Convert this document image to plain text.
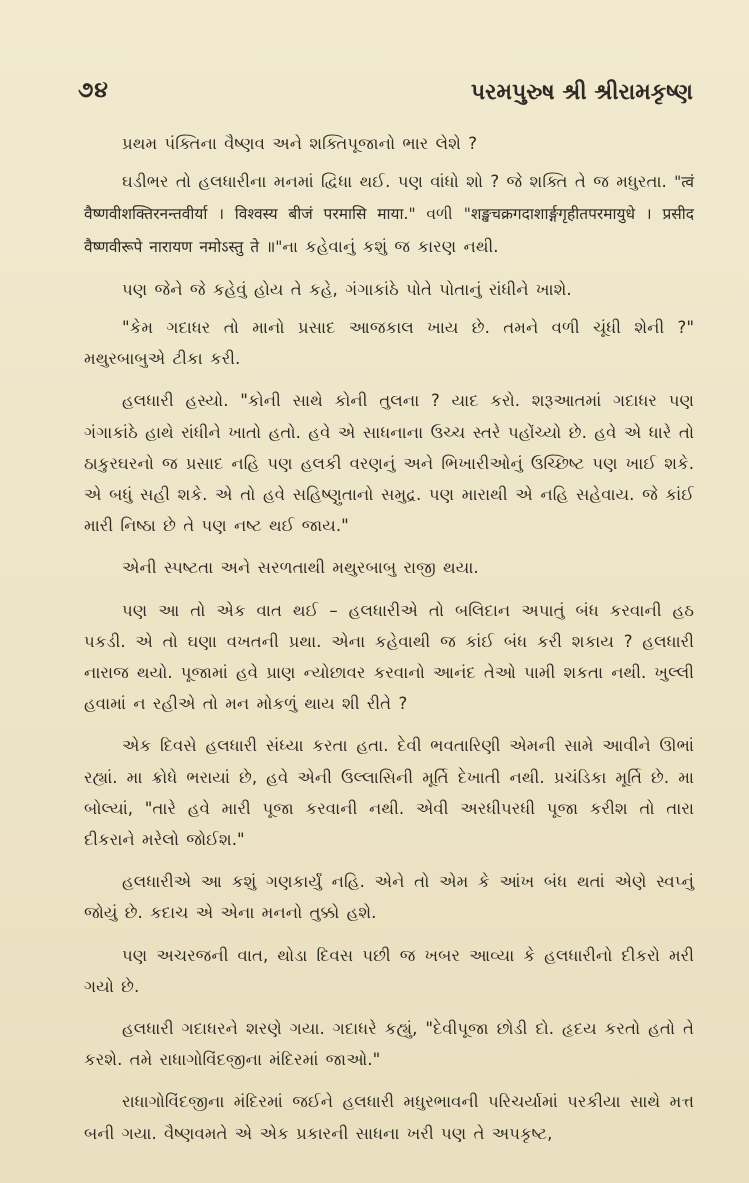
૭૪	પરમપુરુષ શ્રી શ્રીરામકૃષ્ણ

પ્રથમ પંક્તિના વૈષ્ણવ અને શક્તિપૂજાનો ભાર લેશે ?

ઘડીભર તો હલધારીના મનમાં દ્વિધા થઈ. પણ વાંધો શો ? જે શક્તિ તે જ મધુરતા. "त्वं वैष्णवीशक्तिरनन्तवीर्या । विश्वस्य बीजं परमासि माया." વળી "शङ्खचक्रगदाशार्ङ्गगृहीतपरमायुधे । प्रसीद वैष्णवीरूपे नारायण नमोऽस्तु ते ॥"ના કહેવાનું કશું જ કારણ નથી.

પણ જેને જે કહેવું હોય તે કહે, ગંગાકાંઠે પોતે પોતાનું રાંધીને ખાશે.

"કેમ ગદાધર તો માનો પ્રસાદ આજકાલ ખાય છે. તમને વળી ચૂંધી શેની ?" મથુરબાબુએ ટીકા કરી.

હલધારી હસ્યો. "કોની સાથે કોની તુલના ? યાદ કરો. શરૂઆતમાં ગદાધર પણ ગંગાકાંઠે હાથે રાંધીને ખાતો હતો. હવે એ સાધનાના ઉચ્ચ સ્તરે પહોંચ્યો છે. હવે એ ધારે તો ઠાકુરઘરનો જ પ્રસાદ નહિ પણ હલકી વરણનું અને ભિખારીઓનું ઉચ્છિષ્ટ પણ ખાઈ શકે. એ બધું સહી શકે. એ તો હવે સહિષ્ણુતાનો સમુદ્ર. પણ મારાથી એ નહિ સહેવાય. જે કાંઈ મારી નિષ્ઠા છે તે પણ નષ્ટ થઈ જાય."

એની સ્પષ્ટતા અને સરળતાથી મથુરબાબુ રાજી થયા.

પણ આ તો એક વાત થઈ – હલધારીએ તો બલિદાન અપાતું બંધ કરવાની હઠ પકડી. એ તો ઘણા વખતની પ્રથા. એના કહેવાથી જ કાંઈ બંધ કરી શકાય ? હલધારી નારાજ થયો. પૂજામાં હવે પ્રાણ ન્યોછાવર કરવાનો આનંદ તેઓ પામી શકતા નથી. ખુલ્લી હવામાં ન રહીએ તો મન મોકળું થાય શી રીતે ?

એક દિવસે હલધારી સંધ્યા કરતા હતા. દેવી ભવતારિણી એમની સામે આવીને ઊભાં રહ્યાં. મા ક્રોધે ભરાયાં છે, હવે એની ઉલ્લાસિની મૂર્તિ દેખાતી નથી. પ્રચંડિકા મૂર્તિ છે. મા બોલ્યાં, "તારે હવે મારી પૂજા કરવાની નથી. એવી અરધીપરધી પૂજા કરીશ તો તારા દીકરાને મરેલો જોઈશ."

હલધારીએ આ કશું ગણકાર્યું નહિ. એને તો એમ કે આંખ બંધ થતાં એણે સ્વપ્નું જોયું છે. કદાચ એ એના મનનો તુક્કો હશે.

પણ અચરજની વાત, થોડા દિવસ પછી જ ખબર આવ્યા કે હલધારીનો દીકરો મરી ગયો છે.

હલધારી ગદાધરને શરણે ગયા. ગદાધરે કહ્યું, "દેવીપૂજા છોડી દો. હૃદય કરતો હતો તે કરશે. તમે રાધાગોવિંદજીના મંદિરમાં જાઓ."

રાધાગોવિંદજીના મંદિરમાં જઈને હલધારી મધુરભાવની પરિચર્યામાં પરકીયા સાથે મત્ત બની ગયા. વૈષ્ણવમતે એ એક પ્રકારની સાધના ખરી પણ તે અપકૃષ્ટ,
